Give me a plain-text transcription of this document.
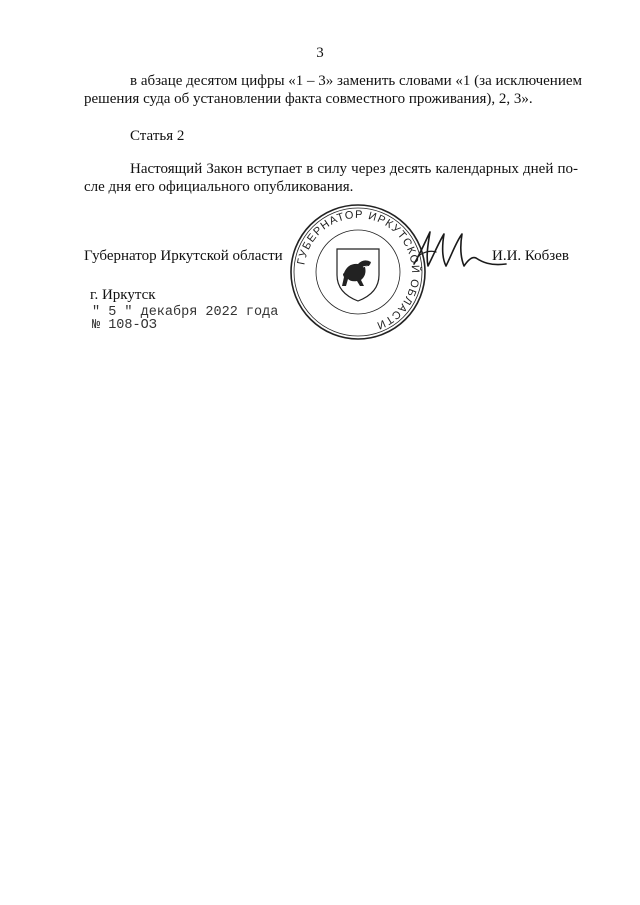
3
в абзаце десятом цифры «1 – 3» заменить словами «1 (за исключением
решения суда об установлении факта совместного проживания), 2, 3».
Статья 2
Настоящий Закон вступает в силу через десять календарных дней по-
сле дня его официального опубликования.
Губернатор Иркутской области	И.И. Кобзев
г. Иркутск
" 5 " декабря 2022 года
№ 108-ОЗ
ГУБЕРНАТОР ИРКУТСКОЙ ОБЛАСТИ
